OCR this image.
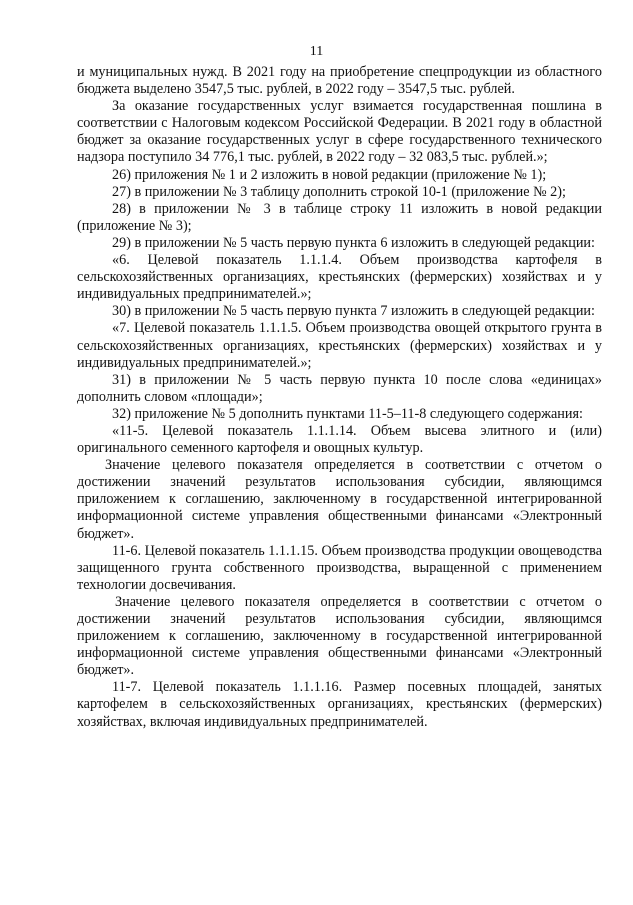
11

и муниципальных нужд. В 2021 году на приобретение спецпродукции из областного бюджета выделено 3547,5 тыс. рублей, в 2022 году – 3547,5 тыс. рублей.

За оказание государственных услуг взимается государственная пошлина в соответствии с Налоговым кодексом Российской Федерации. В 2021 году в областной бюджет за оказание государственных услуг в сфере государственного технического надзора поступило 34 776,1 тыс. рублей, в 2022 году – 32 083,5 тыс. рублей.»;

26) приложения № 1 и 2 изложить в новой редакции (приложение № 1);

27) в приложении № 3 таблицу дополнить строкой 10-1 (приложение № 2);

28) в приложении № 3 в таблице строку 11 изложить в новой редакции (приложение № 3);

29) в приложении № 5 часть первую пункта 6 изложить в следующей редакции:

«6. Целевой показатель 1.1.1.4. Объем производства картофеля в сельскохозяйственных организациях, крестьянских (фермерских) хозяйствах и у индивидуальных предпринимателей.»;

30) в приложении № 5 часть первую пункта 7 изложить в следующей редакции:

«7. Целевой показатель 1.1.1.5. Объем производства овощей открытого грунта в сельскохозяйственных организациях, крестьянских (фермерских) хозяйствах и у индивидуальных предпринимателей.»;

31) в приложении № 5 часть первую пункта 10 после слова «единицах» дополнить словом «площади»;

32) приложение № 5 дополнить пунктами 11-5–11-8 следующего содержания:

«11-5. Целевой показатель 1.1.1.14. Объем высева элитного и (или) оригинального семенного картофеля и овощных культур.

Значение целевого показателя определяется в соответствии с отчетом о достижении значений результатов использования субсидии, являющимся приложением к соглашению, заключенному в государственной интегрированной информационной системе управления общественными финансами «Электронный бюджет».

11-6. Целевой показатель 1.1.1.15. Объем производства продукции овощеводства защищенного грунта собственного производства, выращенной с применением технологии досвечивания.

Значение целевого показателя определяется в соответствии с отчетом о достижении значений результатов использования субсидии, являющимся приложением к соглашению, заключенному в государственной интегрированной информационной системе управления общественными финансами «Электронный бюджет».

11-7. Целевой показатель 1.1.1.16. Размер посевных площадей, занятых картофелем в сельскохозяйственных организациях, крестьянских (фермерских) хозяйствах, включая индивидуальных предпринимателей.
